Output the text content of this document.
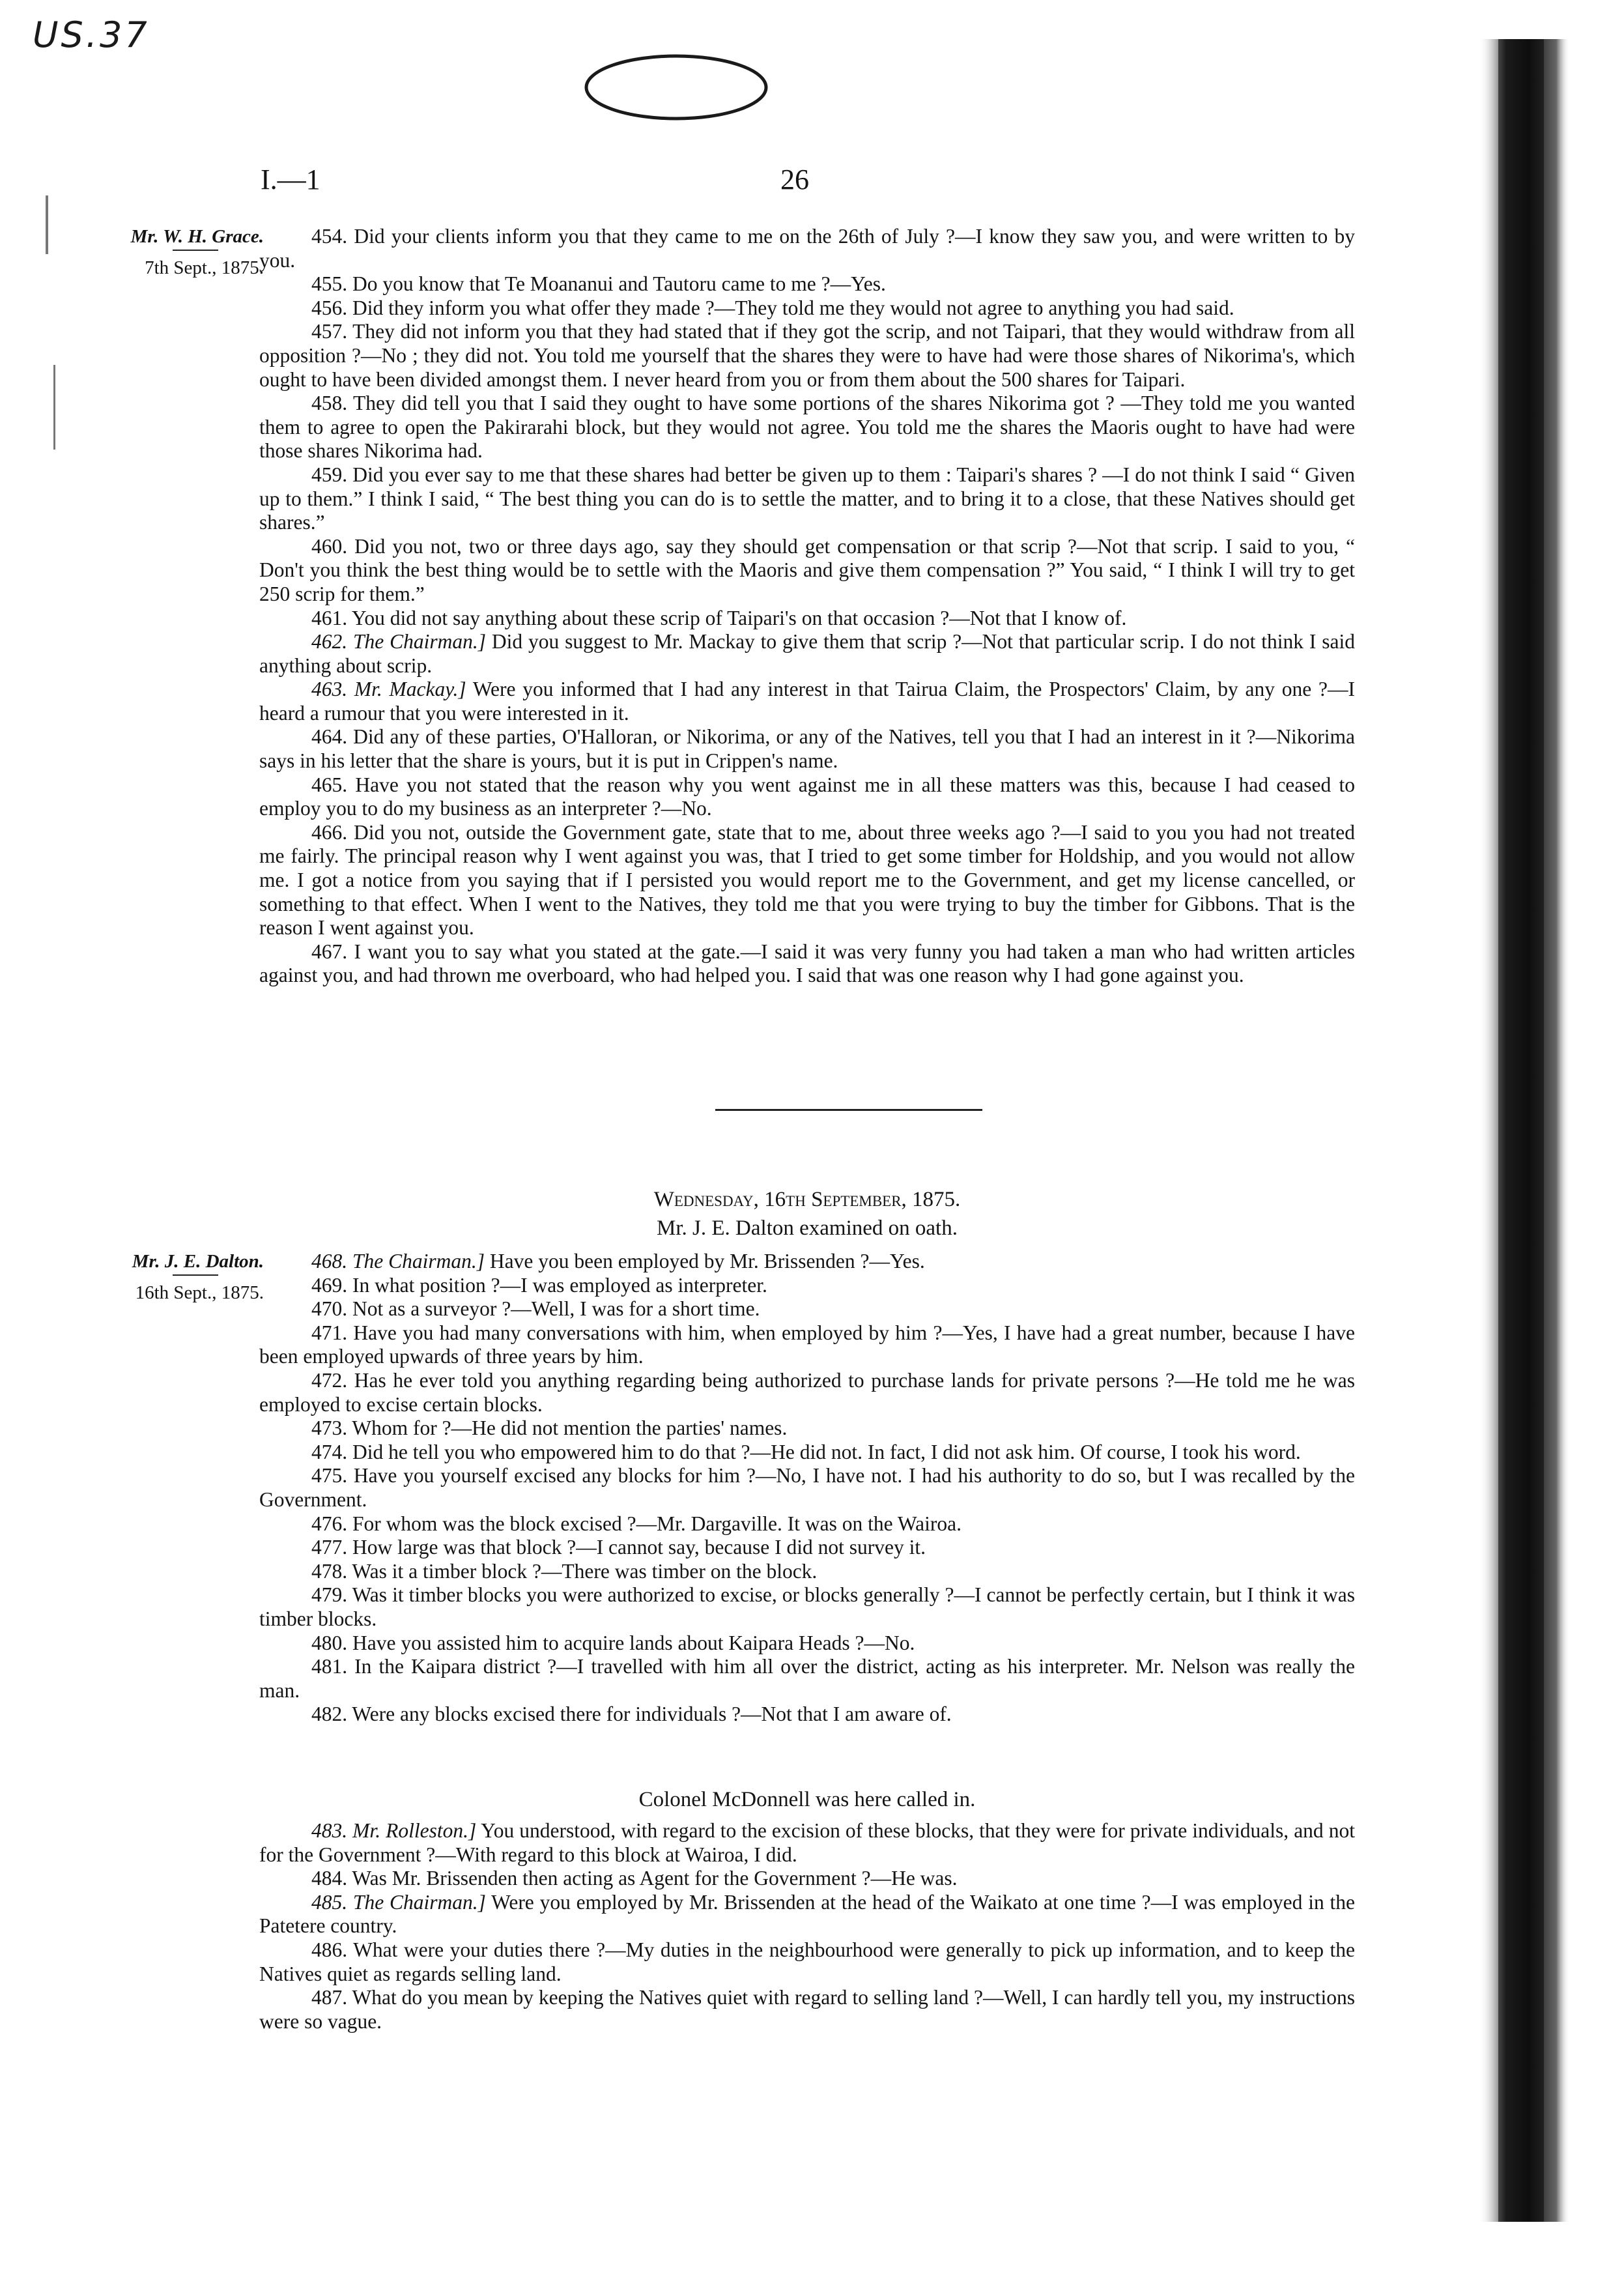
US.37
I.—1	26
Mr. W. H. Grace.
7th Sept., 1875.
Mr. J. E. Dalton.
16th Sept., 1875.

454. Did your clients inform you that they came to me on the 26th of July ?—I know they saw you, and were written to by you.

455. Do you know that Te Moananui and Tautoru came to me ?—Yes.

456. Did they inform you what offer they made ?—They told me they would not agree to anything you had said.

457. They did not inform you that they had stated that if they got the scrip, and not Taipari, that they would withdraw from all opposition ?—No ; they did not. You told me yourself that the shares they were to have had were those shares of Nikorima's, which ought to have been divided amongst them. I never heard from you or from them about the 500 shares for Taipari.

458. They did tell you that I said they ought to have some portions of the shares Nikorima got ? —They told me you wanted them to agree to open the Pakirarahi block, but they would not agree. You told me the shares the Maoris ought to have had were those shares Nikorima had.

459. Did you ever say to me that these shares had better be given up to them : Taipari's shares ? —I do not think I said “ Given up to them.” I think I said, “ The best thing you can do is to settle the matter, and to bring it to a close, that these Natives should get shares.”

460. Did you not, two or three days ago, say they should get compensation or that scrip ?—Not that scrip. I said to you, “ Don't you think the best thing would be to settle with the Maoris and give them compensation ?” You said, “ I think I will try to get 250 scrip for them.”

461. You did not say anything about these scrip of Taipari's on that occasion ?—Not that I know of.

462. The Chairman.] Did you suggest to Mr. Mackay to give them that scrip ?—Not that particular scrip. I do not think I said anything about scrip.

463. Mr. Mackay.] Were you informed that I had any interest in that Tairua Claim, the Prospectors' Claim, by any one ?—I heard a rumour that you were interested in it.

464. Did any of these parties, O'Halloran, or Nikorima, or any of the Natives, tell you that I had an interest in it ?—Nikorima says in his letter that the share is yours, but it is put in Crippen's name.

465. Have you not stated that the reason why you went against me in all these matters was this, because I had ceased to employ you to do my business as an interpreter ?—No.

466. Did you not, outside the Government gate, state that to me, about three weeks ago ?—I said to you you had not treated me fairly. The principal reason why I went against you was, that I tried to get some timber for Holdship, and you would not allow me. I got a notice from you saying that if I persisted you would report me to the Government, and get my license cancelled, or something to that effect. When I went to the Natives, they told me that you were trying to buy the timber for Gibbons. That is the reason I went against you.

467. I want you to say what you stated at the gate.—I said it was very funny you had taken a man who had written articles against you, and had thrown me overboard, who had helped you. I said that was one reason why I had gone against you.

Wednesday, 16th September, 1875.
Mr. J. E. Dalton examined on oath.

468. The Chairman.] Have you been employed by Mr. Brissenden ?—Yes.

469. In what position ?—I was employed as interpreter.

470. Not as a surveyor ?—Well, I was for a short time.

471. Have you had many conversations with him, when employed by him ?—Yes, I have had a great number, because I have been employed upwards of three years by him.

472. Has he ever told you anything regarding being authorized to purchase lands for private persons ?—He told me he was employed to excise certain blocks.

473. Whom for ?—He did not mention the parties' names.

474. Did he tell you who empowered him to do that ?—He did not. In fact, I did not ask him. Of course, I took his word.

475. Have you yourself excised any blocks for him ?—No, I have not. I had his authority to do so, but I was recalled by the Government.

476. For whom was the block excised ?—Mr. Dargaville. It was on the Wairoa.

477. How large was that block ?—I cannot say, because I did not survey it.

478. Was it a timber block ?—There was timber on the block.

479. Was it timber blocks you were authorized to excise, or blocks generally ?—I cannot be perfectly certain, but I think it was timber blocks.

480. Have you assisted him to acquire lands about Kaipara Heads ?—No.

481. In the Kaipara district ?—I travelled with him all over the district, acting as his interpreter. Mr. Nelson was really the man.

482. Were any blocks excised there for individuals ?—Not that I am aware of.

Colonel McDonnell was here called in.

483. Mr. Rolleston.] You understood, with regard to the excision of these blocks, that they were for private individuals, and not for the Government ?—With regard to this block at Wairoa, I did.

484. Was Mr. Brissenden then acting as Agent for the Government ?—He was.

485. The Chairman.] Were you employed by Mr. Brissenden at the head of the Waikato at one time ?—I was employed in the Patetere country.

486. What were your duties there ?—My duties in the neighbourhood were generally to pick up information, and to keep the Natives quiet as regards selling land.

487. What do you mean by keeping the Natives quiet with regard to selling land ?—Well, I can hardly tell you, my instructions were so vague.
